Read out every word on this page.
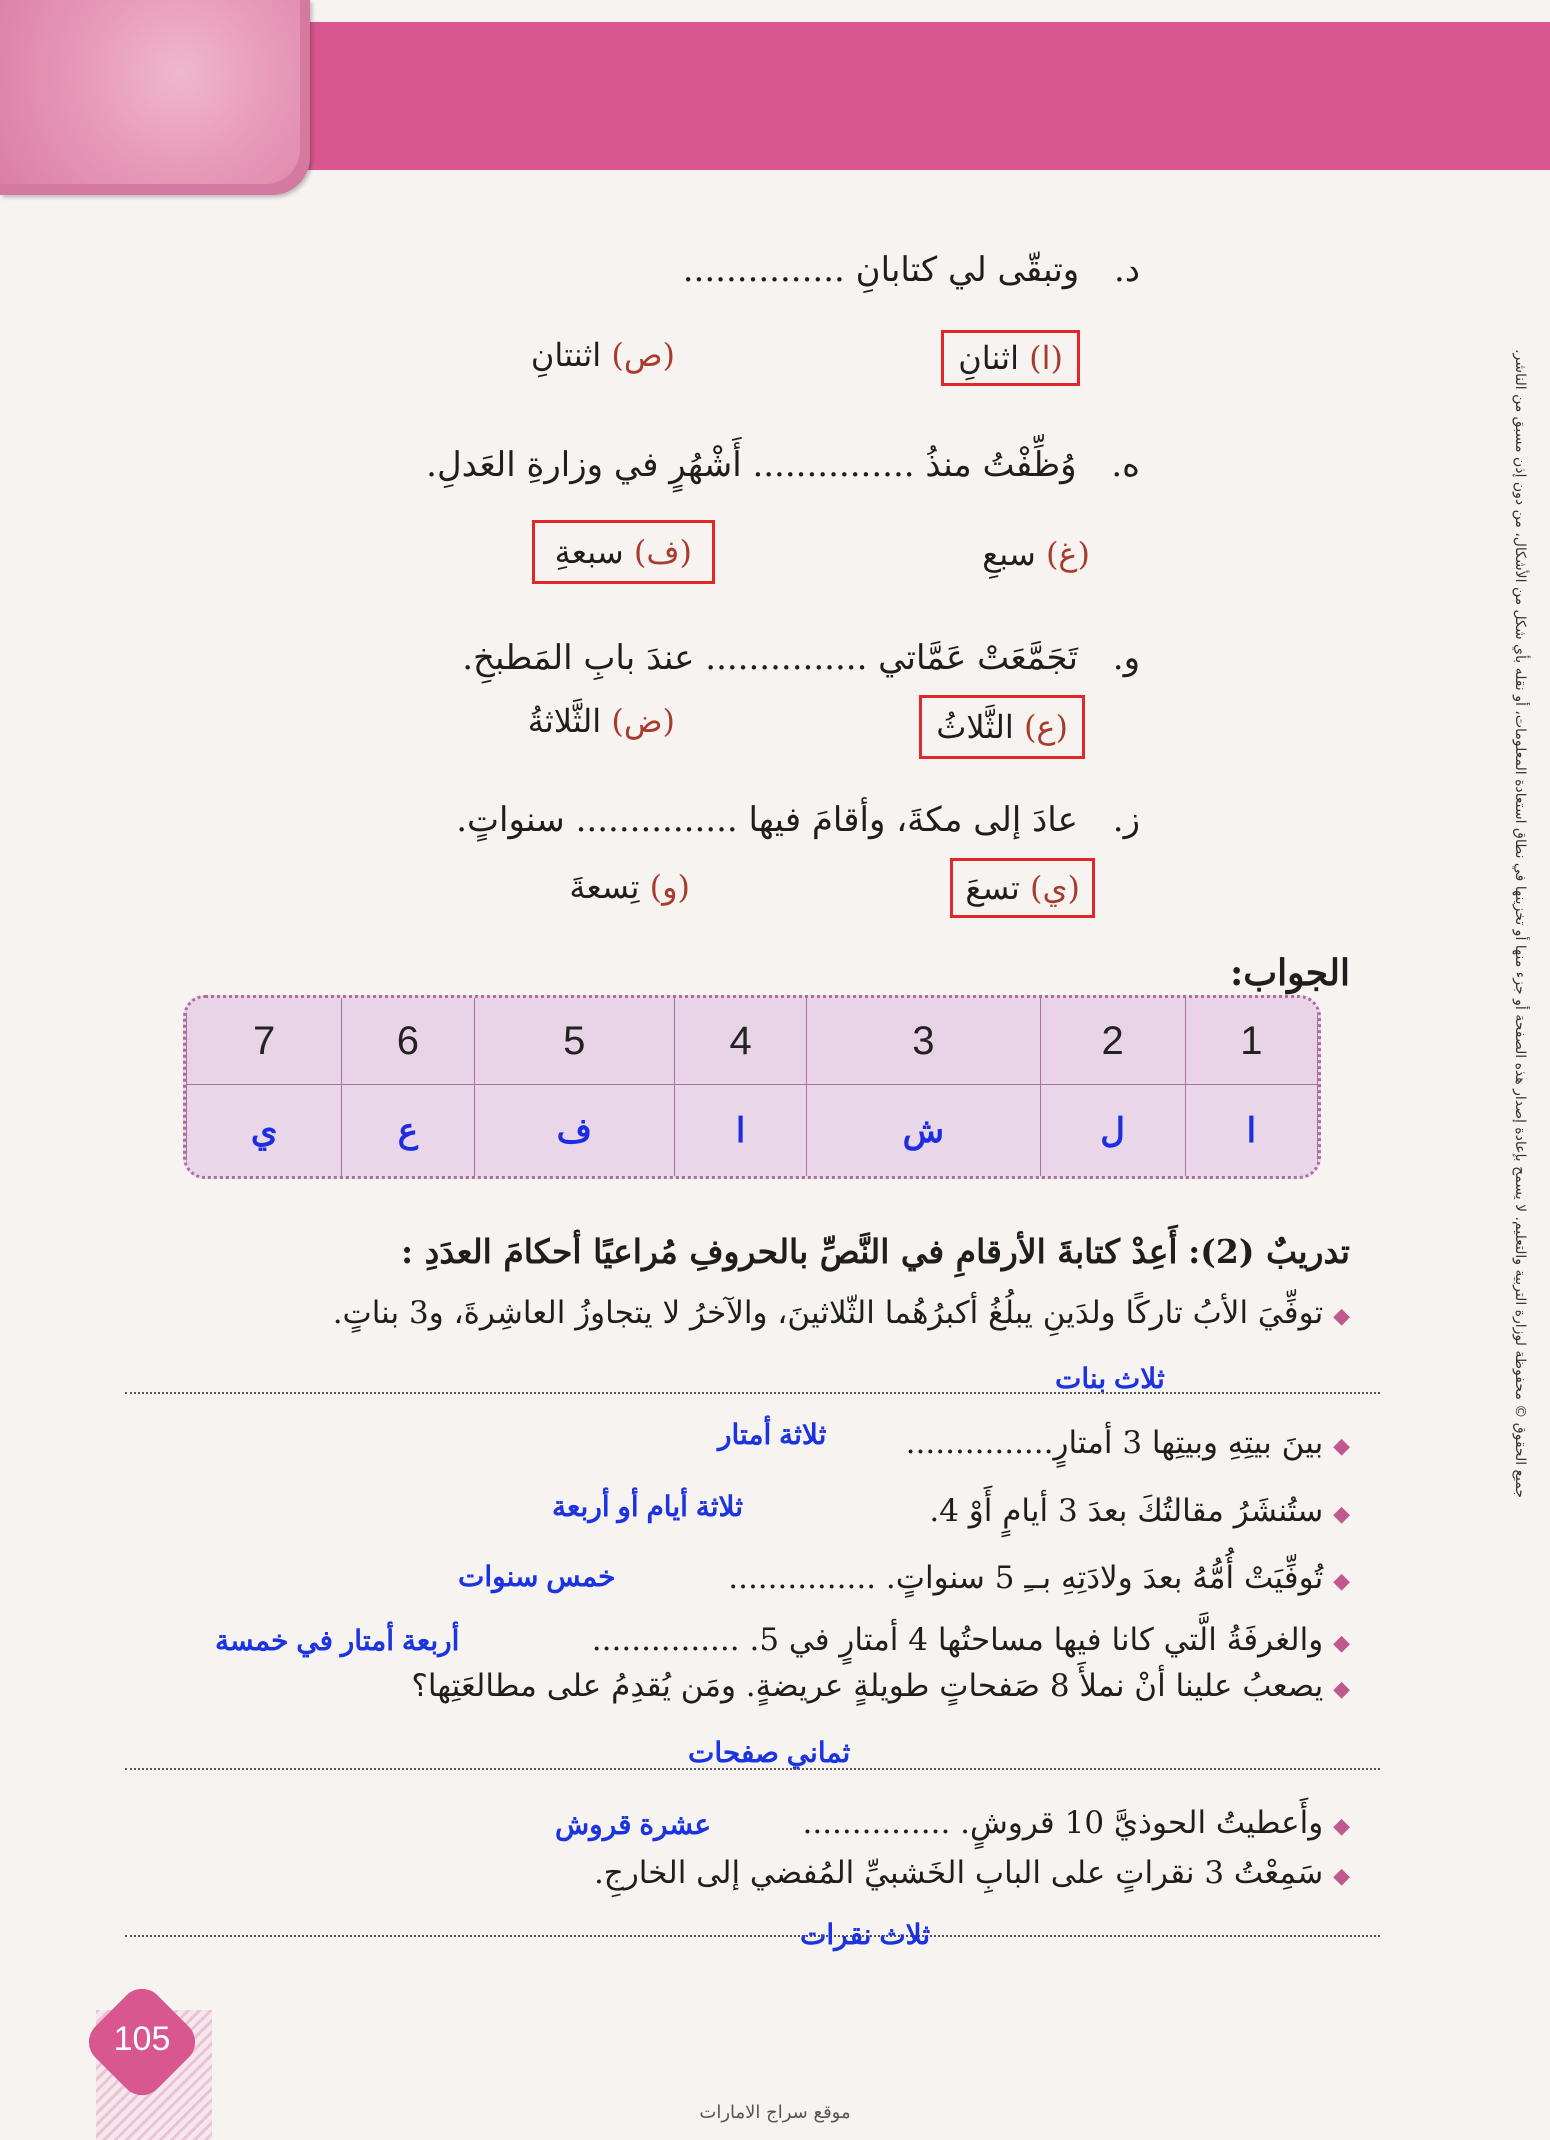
جميع الحقوق © محفوظة لوزارة التربية والتعليم. لا يسمح بإعادة إصدار هذه الصفحة أو جزء منها أو تخزينها في نطاق استعادة المعلومات، أو نقله بأي شكل من الأشكال، من دون إذن مسبق من الناشر.
د. وتبقّى لي كتابانِ ...............
(ا) اثنانِ
(ص) اثنتانِ
ه. وُظِّفْتُ منذُ ............... أَشْهُرٍ في وزارةِ العَدلِ.
(غ) سبعِ
(ف) سبعةِ
و. تَجَمَّعَتْ عَمَّاتي ............... عندَ بابِ المَطبخِ.
(ع) الثَّلاثُ
(ض) الثَّلاثةُ
ز. عادَ إلى مكةَ، وأقامَ فيها ............... سنواتٍ.
(ي) تسعَ
(و) تِسعةَ
الجواب:
1	2	3	4	5	6	7
ا	ل	ش	ا	ف	ع	ي
تدريبٌ (2): أَعِدْ كتابةَ الأرقامِ في النَّصِّ بالحروفِ مُراعيًا أحكامَ العدَدِ :
◆ توفِّيَ الأبُ تاركًا ولدَينِ يبلُغُ أكبرُهُما الثّلاثينَ، والآخرُ لا يتجاوزُ العاشِرةَ، و3 بناتٍ.
ثلاث بنات
◆ بينَ بيتِهِ وبيتِها 3 أمتارٍ...............
ثلاثة أمتار
◆ ستُنشَرُ مقالتُكَ بعدَ 3 أيامٍ أَوْ 4.
ثلاثة أيام أو أربعة
◆ تُوفِّيَتْ أُمُّهُ بعدَ ولادَتِهِ بــِ 5 سنواتٍ. ...............
خمس سنوات
◆ والغرفَةُ الَّتي كانا فيها مساحتُها 4 أمتارٍ في 5. ...............
أربعة أمتار في خمسة
◆ يصعبُ علينا أنْ نملأَ 8 صَفحاتٍ طويلةٍ عريضةٍ. ومَن يُقدِمُ على مطالعَتِها؟
ثماني صفحات
◆ وأَعطيتُ الحوذيَّ 10 قروشٍ. ...............
عشرة قروش
◆ سَمِعْتُ 3 نقراتٍ على البابِ الخَشبيِّ المُفضي إلى الخارجِ.
ثلاث نقرات
105
موقع سراج الامارات
